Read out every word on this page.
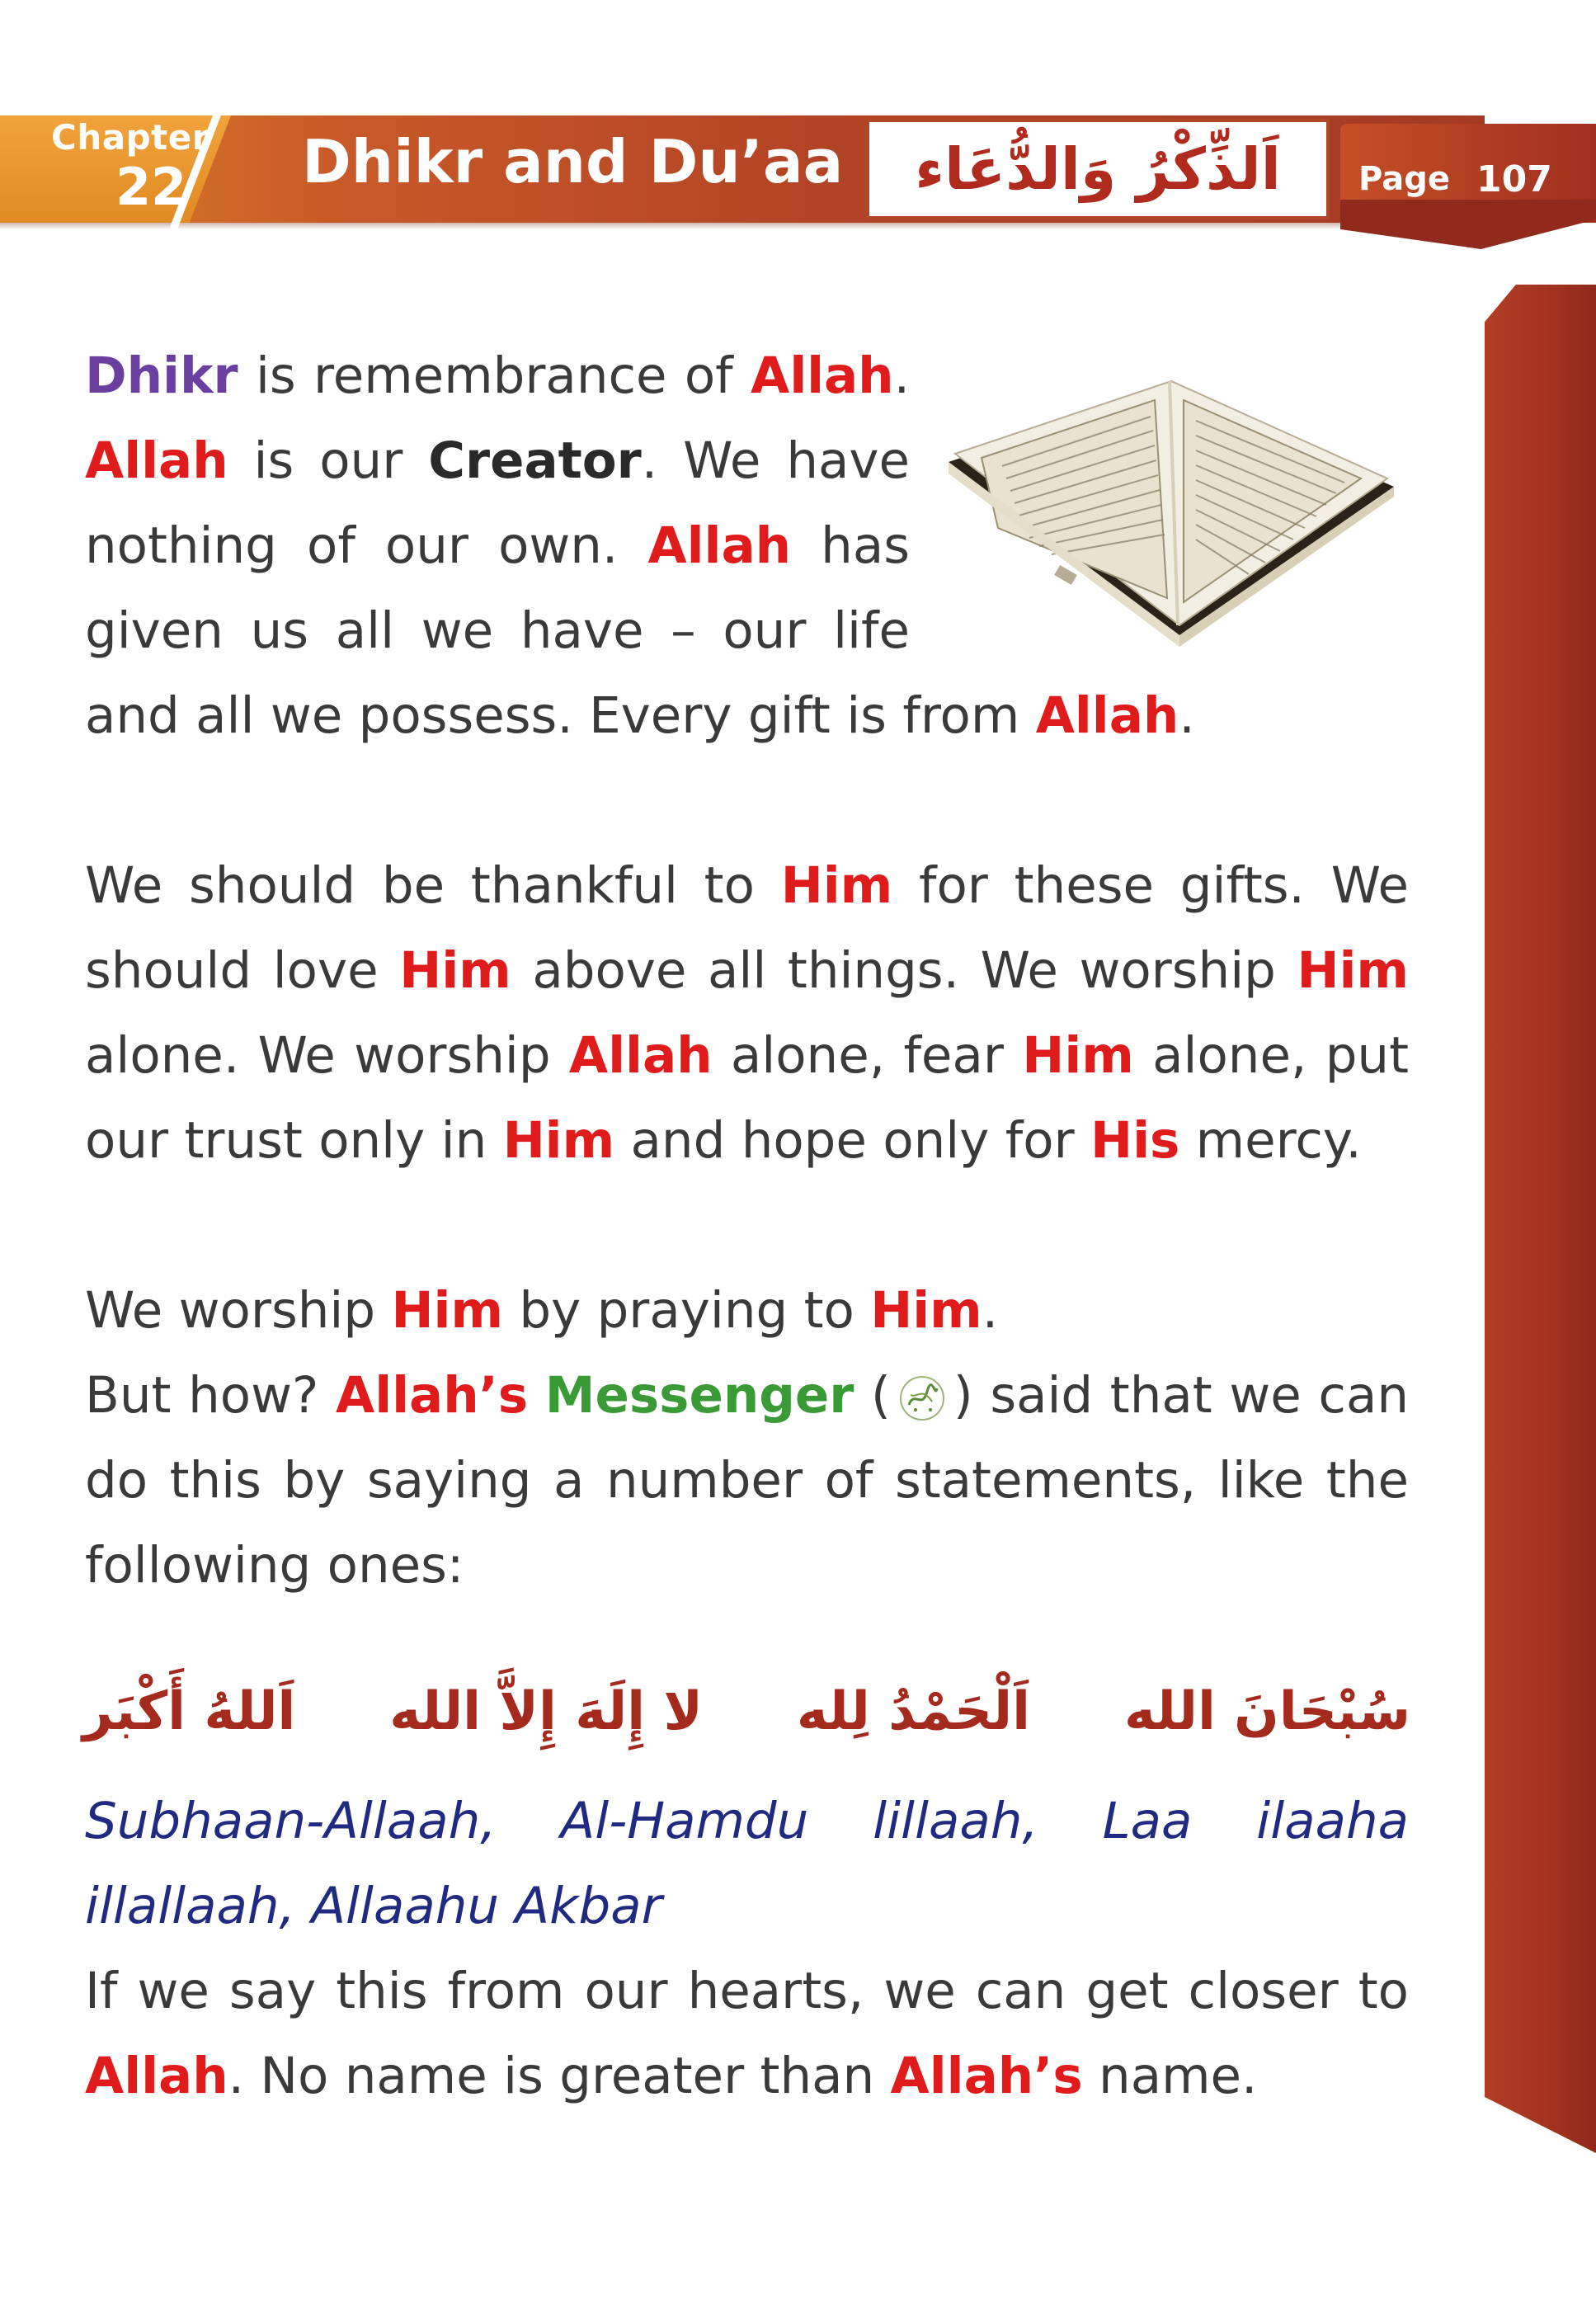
Chapter
22 Dhikr and Du’aa اَلذِّكْرُ وَالدُّعَاء Page 107
Dhikr is remembrance of Allah.
Allah is our Creator. We have
nothing of our own. Allah has
given us all we have – our life
and all we possess. Every gift is from Allah.

We should be thankful to Him for these gifts. We should love Him above all things. We worship Him alone. We worship Allah alone, fear Him alone, put our trust only in Him and hope only for His mercy.

We worship Him by praying to Him.

But how? Allah’s Messenger ( ) said that we can do this by saying a number of statements, like the following ones:

سُبْحَانَ الله
اَلْحَمْدُ لِله
لا إِلَهَ إِلاَّ الله
اَللهُ أَكْبَر

Subhaan-Allaah, Al-Hamdu lillaah, Laa ilaaha illallaah, Allaahu Akbar

If we say this from our hearts, we can get closer to Allah. No name is greater than Allah’s name.
